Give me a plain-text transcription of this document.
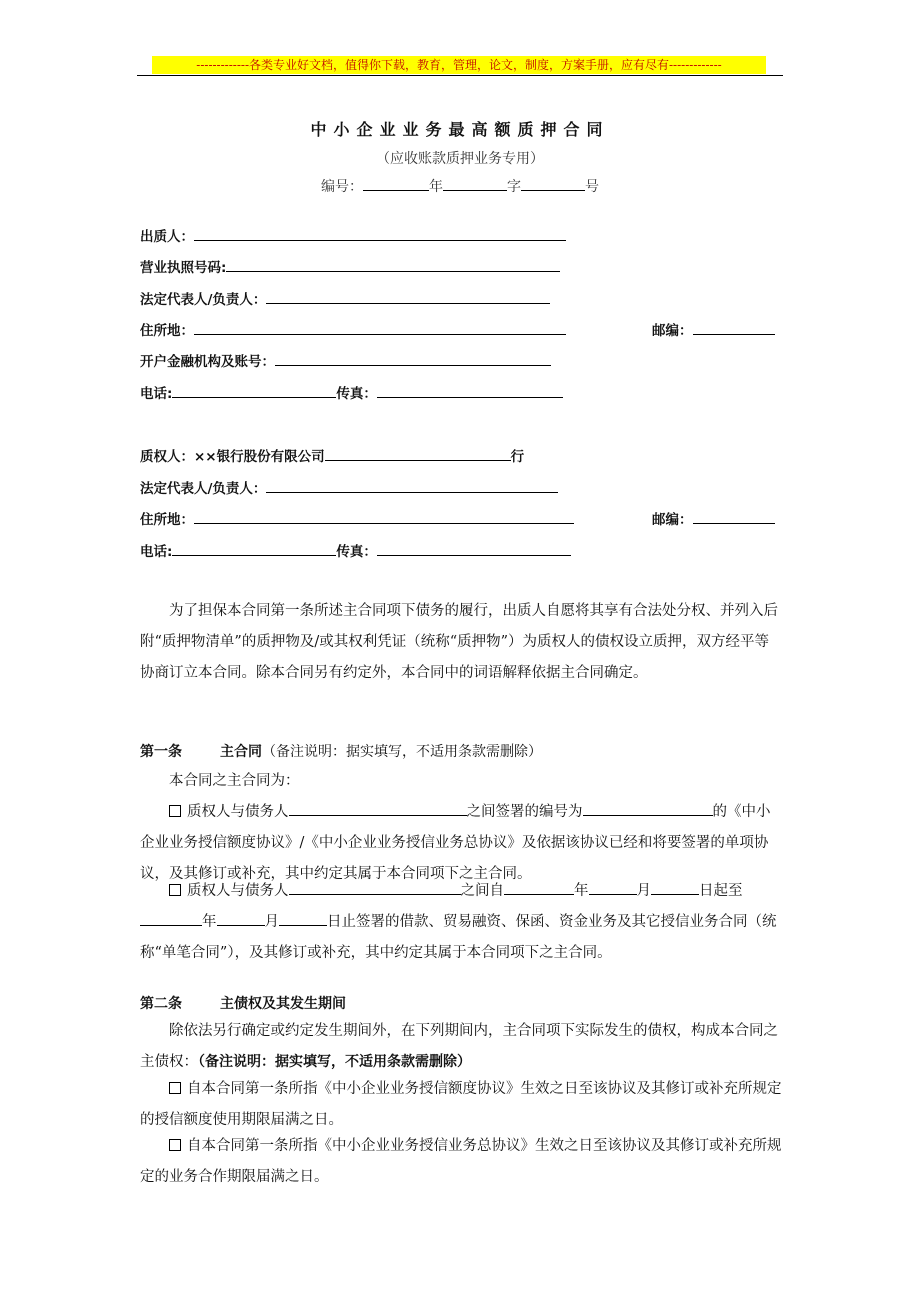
-------------各类专业好文档，值得你下载，教育，管理，论文，制度，方案手册，应有尽有-------------
中小企业业务最高额质押合同
（应收账款质押业务专用）
编号：	年	字	号
出质人：
营业执照号码:
法定代表人/负责人：
住所地：	邮编：
开户金融机构及账号：
电话:	传真：
质权人：××银行股份有限公司	行
法定代表人/负责人：
住所地：	邮编：
电话:	传真：
为了担保本合同第一条所述主合同项下债务的履行，出质人自愿将其享有合法处分权、并列入后附“质押物清单”的质押物及/或其权利凭证（统称“质押物”）为质权人的债权设立质押，双方经平等协商订立本合同。除本合同另有约定外，本合同中的词语解释依据主合同确定。
第一条	主合同（备注说明：据实填写，不适用条款需删除）
本合同之主合同为：
质权人与债务人	之间签署的编号为	的《中小企业业务授信额度协议》/《中小企业业务授信业务总协议》及依据该协议已经和将要签署的单项协议，及其修订或补充，其中约定其属于本合同项下之主合同。
质权人与债务人	之间自	年	月	日起至年	月	日止签署的借款、贸易融资、保函、资金业务及其它授信业务合同（统称“单笔合同”），及其修订或补充，其中约定其属于本合同项下之主合同。
第二条	主债权及其发生期间
除依法另行确定或约定发生期间外，在下列期间内，主合同项下实际发生的债权，构成本合同之主债权：（备注说明：据实填写，不适用条款需删除）
自本合同第一条所指《中小企业业务授信额度协议》生效之日至该协议及其修订或补充所规定的授信额度使用期限届满之日。
自本合同第一条所指《中小企业业务授信业务总协议》生效之日至该协议及其修订或补充所规定的业务合作期限届满之日。
